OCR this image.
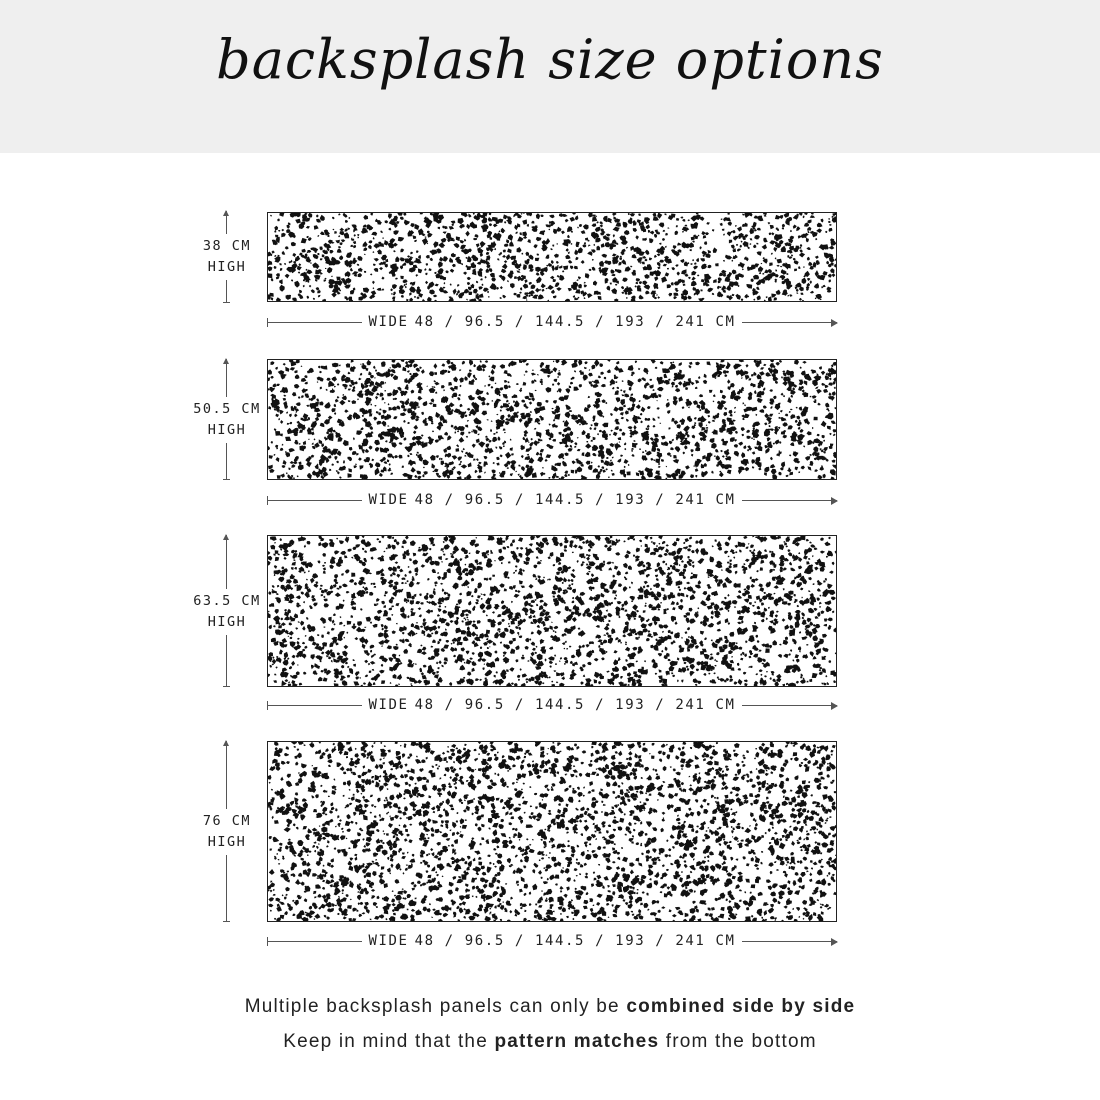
backsplash size options
38 CM
HIGH
WIDE 48 / 96.5 / 144.5 / 193 / 241 CM
50.5 CM
HIGH
WIDE 48 / 96.5 / 144.5 / 193 / 241 CM
63.5 CM
HIGH
WIDE 48 / 96.5 / 144.5 / 193 / 241 CM
76 CM
HIGH
WIDE 48 / 96.5 / 144.5 / 193 / 241 CM
Multiple backsplash panels can only be combined side by side
Keep in mind that the pattern matches from the bottom
